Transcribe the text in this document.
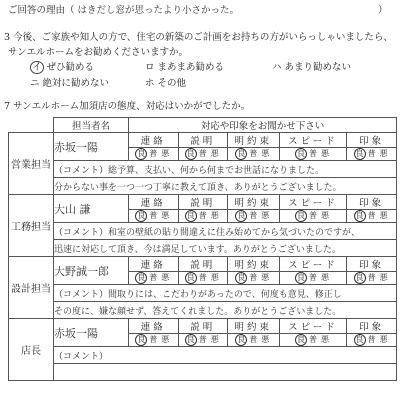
ご回答の理由（ はきだし窓が思ったより小さかった。	）
3 今後、ご家族や知人の方で、住宅の新築のご計画をお持ちの方がいらっしゃいましたら、
サンエルホームをお勧めくださいますか。
イ ぜひ勧める	ロ まあまあ勧める	ハ あまり勧めない
ニ 絶対に勧めない	ホ その他
7 サンエルホーム加須店の態度、対応はいかがでしたか。
	担当者名	対応や印象をお聞かせ下さい				
営業担当	赤坂一陽	連絡	説明	明約束	スピード	印象
		良 普 悪	良 普 悪	良 普 悪	良 普 悪	良 普 悪
	（コメント）総予算、支払い、何から何までお世話になりました。					
	分からない事を一つ一つ丁寧に教えて頂き、ありがとうございました。					
工務担当	大山 謙	連絡	説明	明約束	スピード	印象
		良 普 悪	良 普 悪	良 普 悪	良 普 悪	良 普 悪
	（コメント）和室の壁紙の貼り間違えに住み始めてから気づいたのですが、					
	迅速に対応して頂き、今は満足しています。ありがとうございました。					
設計担当	大野誠一郎	連絡	説明	明約束	スピード	印象
		良 普 悪	良 普 悪	良 普 悪	良 普 悪	良 普 悪
	（コメント）間取りには、こだわりがあったので、何度も意見、修正し					
	その度に、嫌な顔せず、答えてくれました。ありがとうございました。					
店長	赤坂一陽	連絡	説明	明約束	スピード	印象
		良 普 悪	良 普 悪	良 普 悪	良 普 悪	良 普 悪
	（コメント）					
